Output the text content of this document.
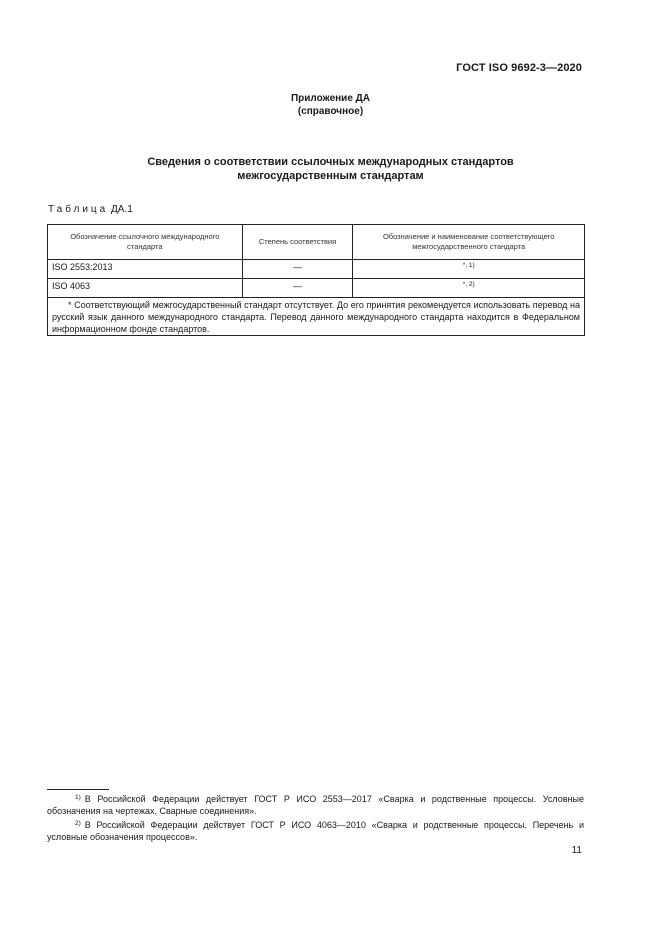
ГОСТ ISO 9692-3—2020
Приложение ДА
(справочное)
Сведения о соответствии ссылочных международных стандартов
межгосударственным стандартам
Таблица ДА.1
Обозначение ссылочного международного стандарта	Степень соответствия	Обозначение и наименование соответствующего межгосударственного стандарта
ISO 2553:2013	—	$^{*, 1)}$
ISO 4063	—	$^{*, 2)}$
* Соответствующий межгосударственный стандарт отсутствует. До его принятия рекомендуется использовать перевод на русский язык данного международного стандарта. Перевод данного международного стандарта находится в Федеральном информационном фонде стандартов.		

$^{1)}$ В Российской Федерации действует ГОСТ Р ИСО 2553—2017 «Сварка и родственные процессы. Условные обозначения на чертежах. Сварные соединения».

$^{2)}$ В Российской Федерации действует ГОСТ Р ИСО 4063—2010 «Сварка и родственные процессы. Перечень и условные обозначения процессов».

11
